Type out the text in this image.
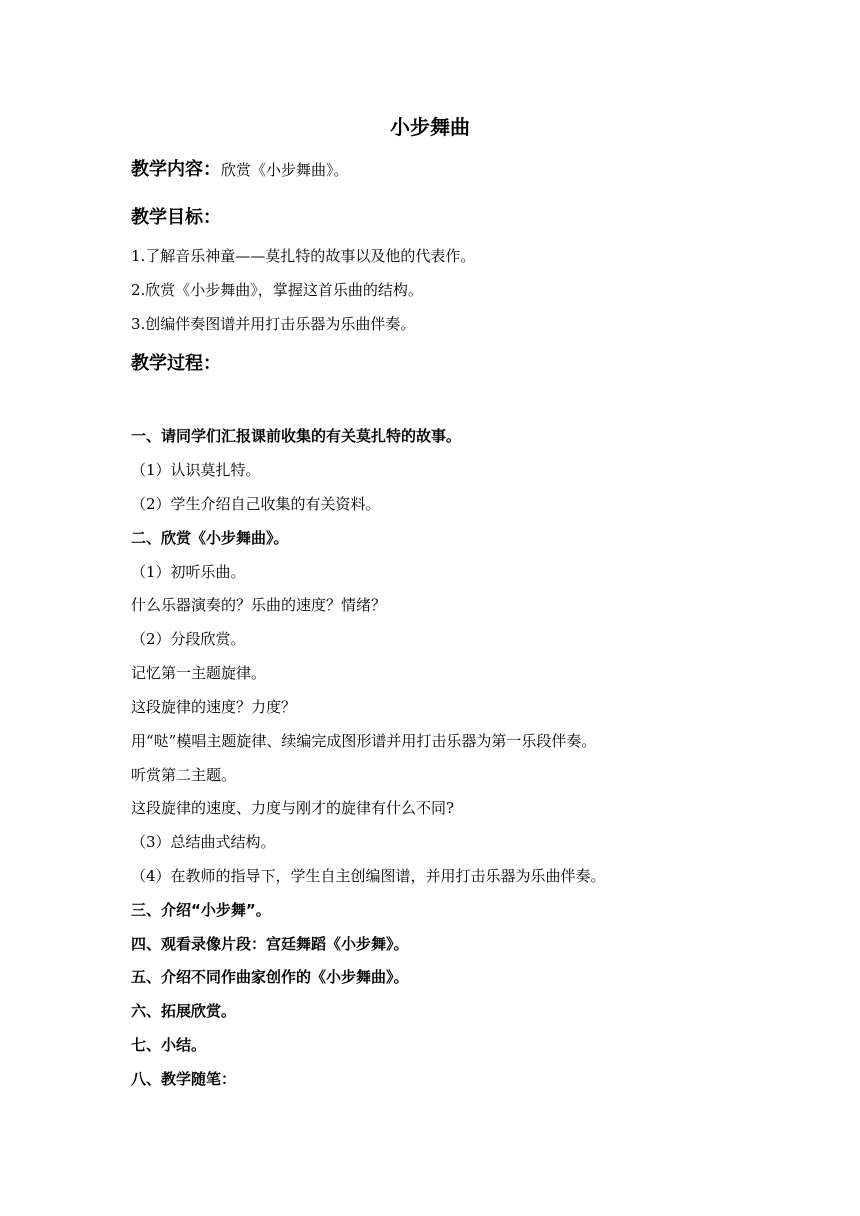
小步舞曲
教学内容：欣赏《小步舞曲》。
教学目标：
1.了解音乐神童——莫扎特的故事以及他的代表作。
2.欣赏《小步舞曲》，掌握这首乐曲的结构。
3.创编伴奏图谱并用打击乐器为乐曲伴奏。
教学过程：
一、请同学们汇报课前收集的有关莫扎特的故事。
（1）认识莫扎特。
（2）学生介绍自己收集的有关资料。
二、欣赏《小步舞曲》。
（1）初听乐曲。
什么乐器演奏的？乐曲的速度？情绪？
（2）分段欣赏。
记忆第一主题旋律。
这段旋律的速度？力度？
用“哒”模唱主题旋律、续编完成图形谱并用打击乐器为第一乐段伴奏。
听赏第二主题。
这段旋律的速度、力度与刚才的旋律有什么不同?
（3）总结曲式结构。
（4）在教师的指导下，学生自主创编图谱，并用打击乐器为乐曲伴奏。
三、介绍“小步舞”。
四、观看录像片段：宫廷舞蹈《小步舞》。
五、介绍不同作曲家创作的《小步舞曲》。
六、拓展欣赏。
七、小结。
八、教学随笔：
